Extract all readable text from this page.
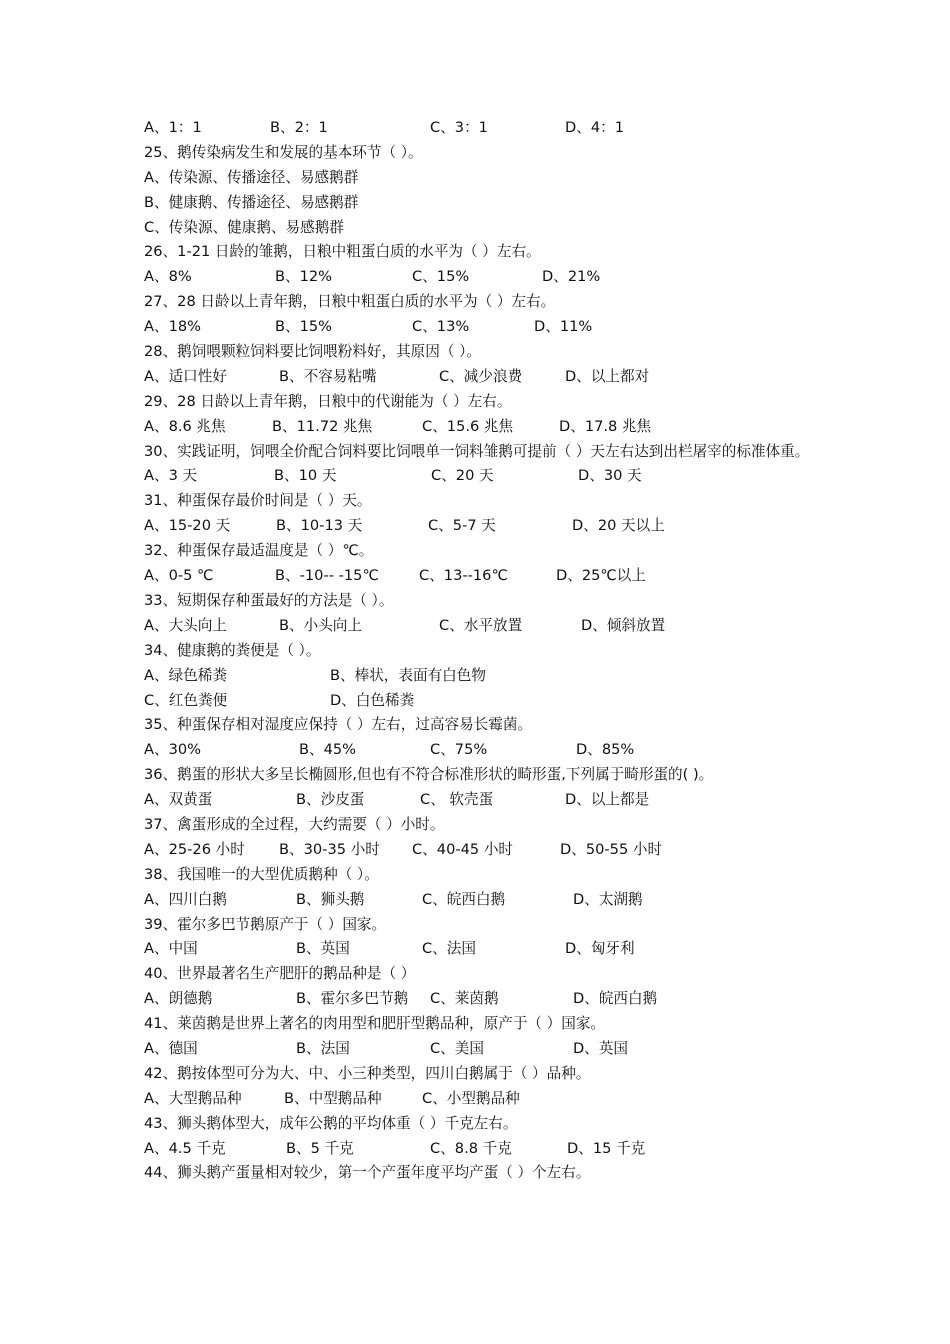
A、1：1	B、2：1	C、3：1	D、4：1
25、鹅传染病发生和发展的基本环节（ ）。
A、传染源、传播途径、易感鹅群
B、健康鹅、传播途径、易感鹅群
C、传染源、健康鹅、易感鹅群
26、1-21 日龄的雏鹅，日粮中粗蛋白质的水平为（ ）左右。
A、8%	B、12%	C、15%	D、21%
27、28 日龄以上青年鹅，日粮中粗蛋白质的水平为（ ）左右。
A、18%	B、15%	C、13%	D、11%
28、鹅饲喂颗粒饲料要比饲喂粉料好，其原因（ ）。
A、适口性好	B、不容易粘嘴	C、减少浪费	D、以上都对
29、28 日龄以上青年鹅，日粮中的代谢能为（ ）左右。
A、8.6 兆焦	B、11.72 兆焦	C、15.6 兆焦	D、17.8 兆焦
30、实践证明，饲喂全价配合饲料要比饲喂单一饲料雏鹅可提前（ ）天左右达到出栏屠宰的标准体重。
A、3 天	B、10 天	C、20 天	D、30 天
31、种蛋保存最价时间是（ ）天。
A、15-20 天	B、10-13 天	C、5-7 天	D、20 天以上
32、种蛋保存最适温度是（ ）℃。
A、0-5 ℃	B、-10-- -15℃	C、13--16℃	D、25℃以上
33、短期保存种蛋最好的方法是（ ）。
A、大头向上	B、小头向上	C、水平放置	D、倾斜放置
34、健康鹅的粪便是（ ）。
A、绿色稀粪	B、棒状，表面有白色物
C、红色粪便	D、白色稀粪
35、种蛋保存相对湿度应保持（ ）左右，过高容易长霉菌。
A、30%	B、45%	C、75%	D、85%
36、鹅蛋的形状大多呈长椭圆形,但也有不符合标准形状的畸形蛋,下列属于畸形蛋的( )。
A、双黄蛋	B、沙皮蛋	C、 软壳蛋	D、以上都是
37、禽蛋形成的全过程，大约需要（ ）小时。
A、25-26 小时 B、30-35 小时 C、40-45 小时	D、50-55 小时
38、我国唯一的大型优质鹅种（ ）。
A、四川白鹅	B、狮头鹅	C、皖西白鹅	D、太湖鹅
39、霍尔多巴节鹅原产于（ ）国家。
A、中国	B、英国	C、法国	D、匈牙利
40、世界最著名生产肥肝的鹅品种是（ ）
A、朗德鹅	B、霍尔多巴节鹅 C、莱茵鹅	D、皖西白鹅
41、莱茵鹅是世界上著名的肉用型和肥肝型鹅品种，原产于（ ）国家。
A、德国	B、法国	C、美国	D、英国
42、鹅按体型可分为大、中、小三种类型，四川白鹅属于（ ）品种。
A、大型鹅品种	B、中型鹅品种	C、小型鹅品种
43、狮头鹅体型大，成年公鹅的平均体重（ ）千克左右。
A、4.5 千克	B、5 千克	C、8.8 千克	D、15 千克
44、狮头鹅产蛋量相对较少，第一个产蛋年度平均产蛋（ ）个左右。
